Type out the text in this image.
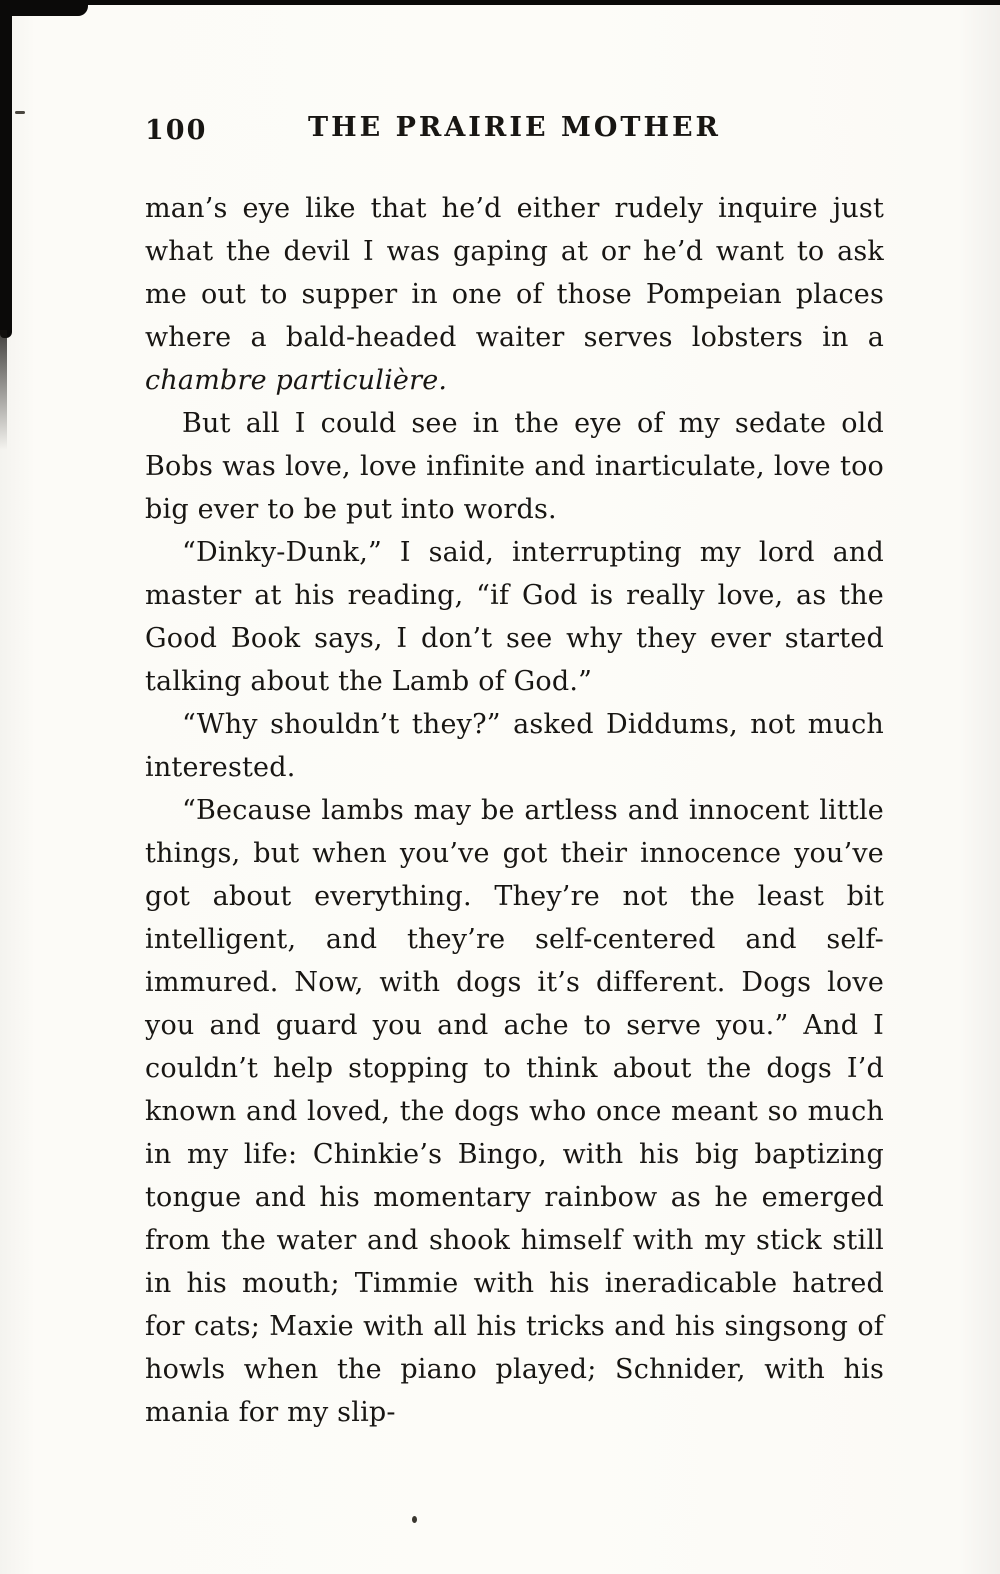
100	THE PRAIRIE MOTHER

man’s eye like that he’d either rudely inquire just what the devil I was gaping at or he’d want to ask me out to supper in one of those Pompeian places where a bald-headed waiter serves lobsters in a chambre particulière.

But all I could see in the eye of my sedate old Bobs was love, love infinite and inarticulate, love too big ever to be put into words.

“Dinky-Dunk,” I said, interrupting my lord and master at his reading, “if God is really love, as the Good Book says, I don’t see why they ever started talking about the Lamb of God.”

“Why shouldn’t they?” asked Diddums, not much interested.

“Because lambs may be artless and innocent little things, but when you’ve got their innocence you’ve got about everything. They’re not the least bit intelligent, and they’re self-centered and self-immured. Now, with dogs it’s different. Dogs love you and guard you and ache to serve you.” And I couldn’t help stopping to think about the dogs I’d known and loved, the dogs who once meant so much in my life: Chinkie’s Bingo, with his big baptizing tongue and his momentary rainbow as he emerged from the water and shook himself with my stick still in his mouth; Timmie with his ineradicable hatred for cats; Maxie with all his tricks and his singsong of howls when the piano played; Schnider, with his mania for my slip-
